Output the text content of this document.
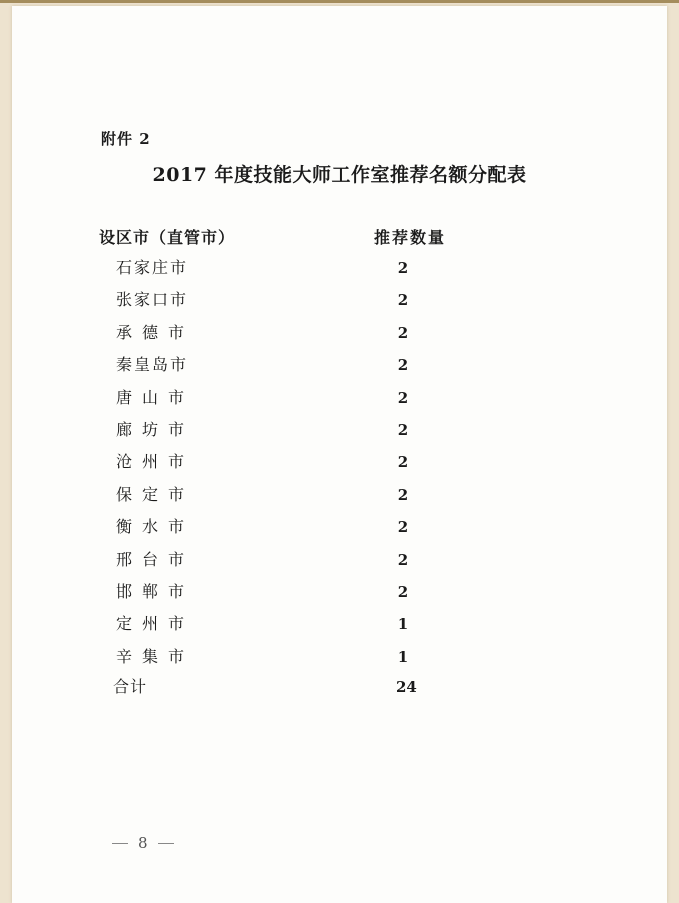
附件 2
2017 年度技能大师工作室推荐名额分配表
设区市（直管市）	推荐数量
石家庄市	2
张家口市	2
承德市	2
秦皇岛市	2
唐山市	2
廊坊市	2
沧州市	2
保定市	2
衡水市	2
邢台市	2
邯郸市	2
定州市	1
辛集市	1
合计	24
8
